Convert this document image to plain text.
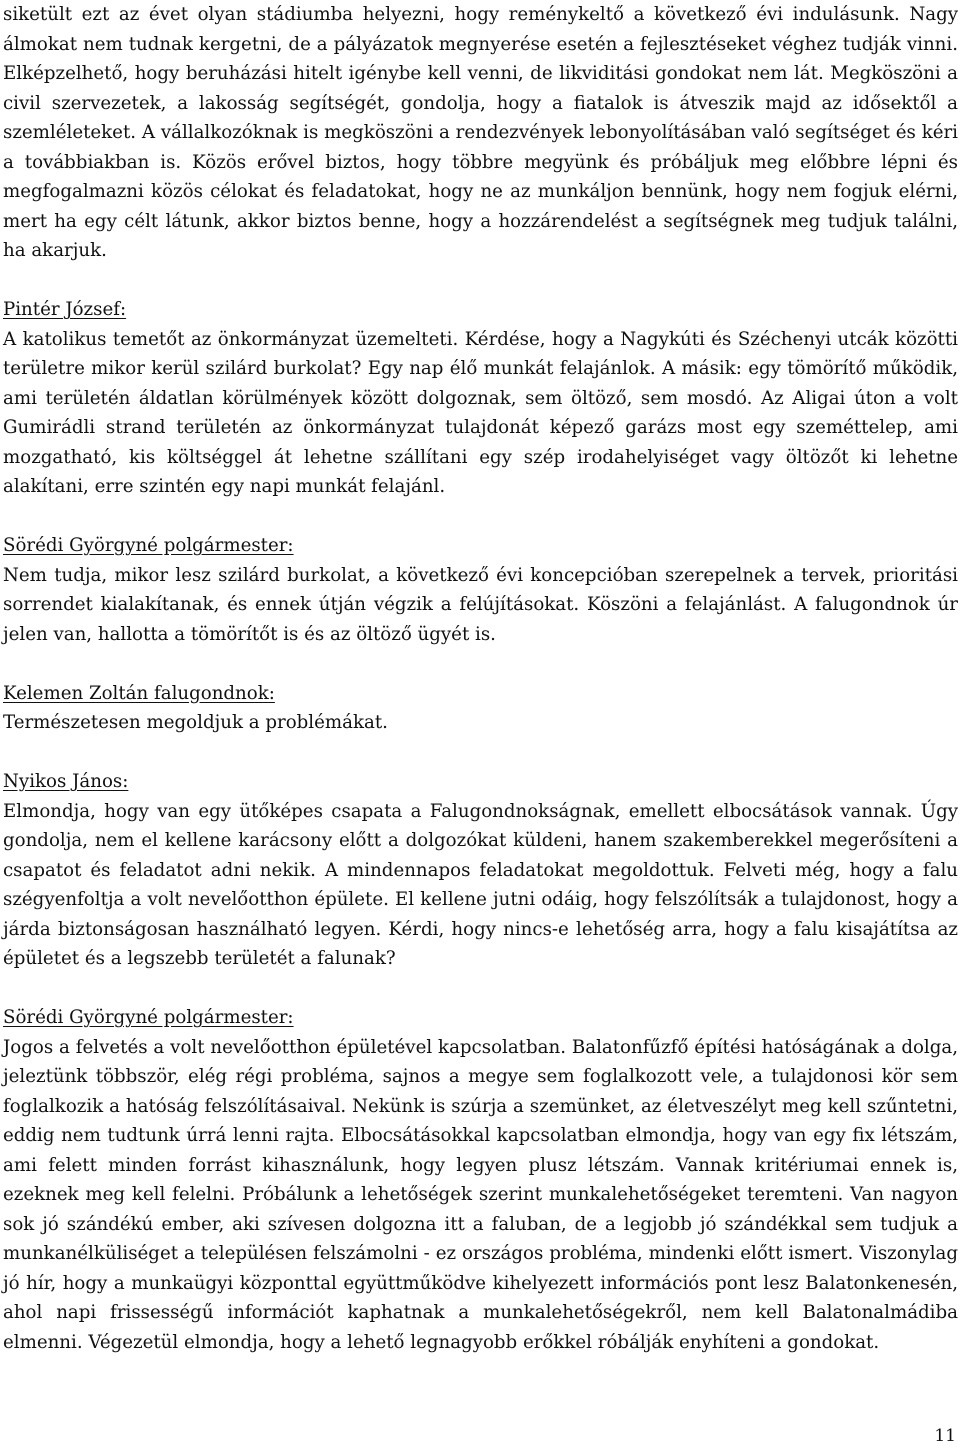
siketült ezt az évet olyan stádiumba helyezni, hogy reménykeltő a következő évi indulásunk. Nagy álmokat nem tudnak kergetni, de a pályázatok megnyerése esetén a fejlesztéseket véghez tudják vinni. Elképzelhető, hogy beruházási hitelt igénybe kell venni, de likviditási gondokat nem lát. Megköszöni a civil szervezetek, a lakosság segítségét, gondolja, hogy a fiatalok is átveszik majd az idősektől a szemléleteket. A vállalkozóknak is megköszöni a rendezvények lebonyolításában való segítséget és kéri a továbbiakban is. Közös erővel biztos, hogy többre megyünk és próbáljuk meg előbbre lépni és megfogalmazni közös célokat és feladatokat, hogy ne az munkáljon bennünk, hogy nem fogjuk elérni, mert ha egy célt látunk, akkor biztos benne, hogy a hozzárendelést a segítségnek meg tudjuk találni, ha akarjuk.

Pintér József:

A katolikus temetőt az önkormányzat üzemelteti. Kérdése, hogy a Nagykúti és Széchenyi utcák közötti területre mikor kerül szilárd burkolat? Egy nap élő munkát felajánlok. A másik: egy tömörítő működik, ami területén áldatlan körülmények között dolgoznak, sem öltöző, sem mosdó. Az Aligai úton a volt Gumirádli strand területén az önkormányzat tulajdonát képező garázs most egy szeméttelep, ami mozgatható, kis költséggel át lehetne szállítani egy szép irodahelyiséget vagy öltözőt ki lehetne alakítani, erre szintén egy napi munkát felajánl.

Sörédi Györgyné polgármester:

Nem tudja, mikor lesz szilárd burkolat, a következő évi koncepcióban szerepelnek a tervek, prioritási sorrendet kialakítanak, és ennek útján végzik a felújításokat. Köszöni a felajánlást. A falugondnok úr jelen van, hallotta a tömörítőt is és az öltöző ügyét is.

Kelemen Zoltán falugondnok:

Természetesen megoldjuk a problémákat.

Nyikos János:

Elmondja, hogy van egy ütőképes csapata a Falugondnokságnak, emellett elbocsátások vannak. Úgy gondolja, nem el kellene karácsony előtt a dolgozókat küldeni, hanem szakemberekkel megerősíteni a csapatot és feladatot adni nekik. A mindennapos feladatokat megoldottuk. Felveti még, hogy a falu szégyenfoltja a volt nevelőotthon épülete. El kellene jutni odáig, hogy felszólítsák a tulajdonost, hogy a járda biztonságosan használható legyen. Kérdi, hogy nincs-e lehetőség arra, hogy a falu kisajátítsa az épületet és a legszebb területét a falunak?

Sörédi Györgyné polgármester:

Jogos a felvetés a volt nevelőotthon épületével kapcsolatban. Balatonfűzfő építési hatóságának a dolga, jeleztünk többször, elég régi probléma, sajnos a megye sem foglalkozott vele, a tulajdonosi kör sem foglalkozik a hatóság felszólításaival. Nekünk is szúrja a szemünket, az életveszélyt meg kell szűntetni, eddig nem tudtunk úrrá lenni rajta. Elbocsátásokkal kapcsolatban elmondja, hogy van egy fix létszám, ami felett minden forrást kihasználunk, hogy legyen plusz létszám. Vannak kritériumai ennek is, ezeknek meg kell felelni. Próbálunk a lehetőségek szerint munkalehetőségeket teremteni. Van nagyon sok jó szándékú ember, aki szívesen dolgozna itt a faluban, de a legjobb jó szándékkal sem tudjuk a munkanélküliséget a településen felszámolni - ez országos probléma, mindenki előtt ismert. Viszonylag jó hír, hogy a munkaügyi központtal együttműködve kihelyezett információs pont lesz Balatonkenesén, ahol napi frissességű információt kaphatnak a munkalehetőségekről, nem kell Balatonalmádiba elmenni. Végezetül elmondja, hogy a lehető legnagyobb erőkkel róbálják enyhíteni a gondokat.

11
